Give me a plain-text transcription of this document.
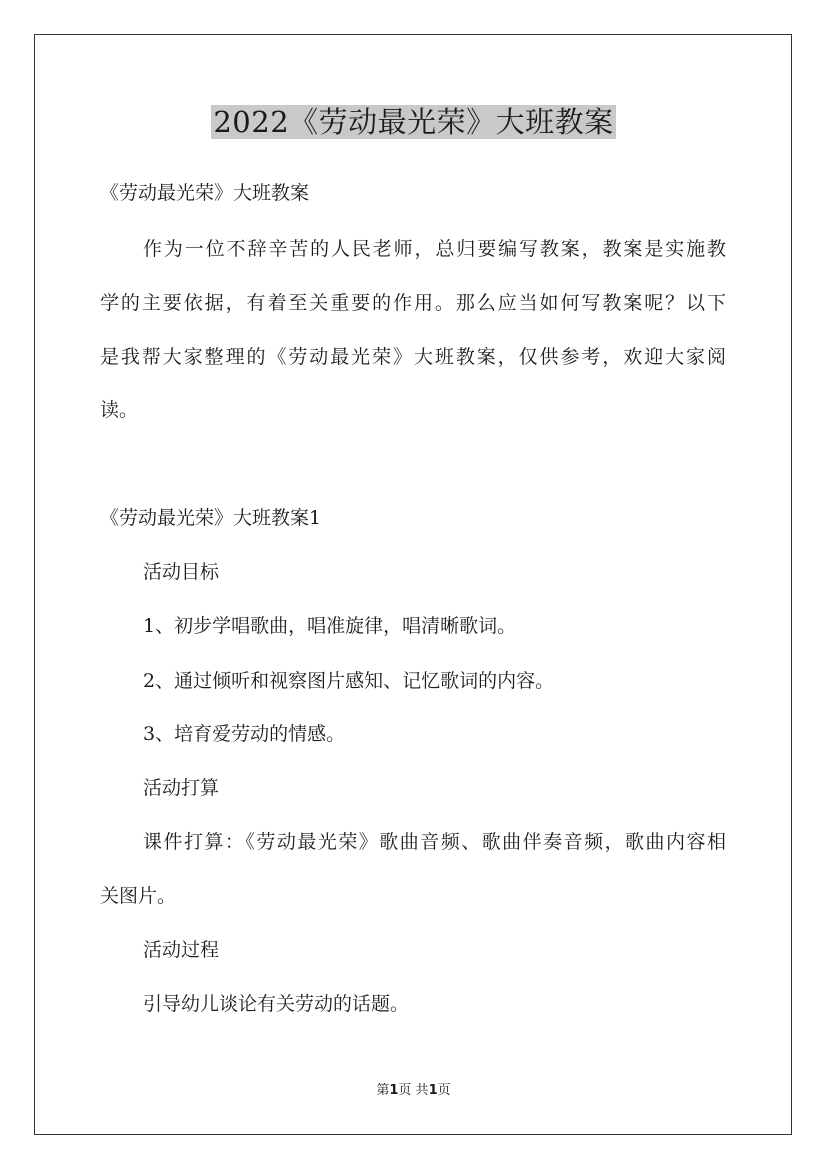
2022《劳动最光荣》大班教案
《劳动最光荣》大班教案
作为一位不辞辛苦的人民老师，总归要编写教案，教案是实施教
学的主要依据，有着至关重要的作用。那么应当如何写教案呢？以下
是我帮大家整理的《劳动最光荣》大班教案，仅供参考，欢迎大家阅
读。
《劳动最光荣》大班教案1
活动目标
1、初步学唱歌曲，唱准旋律，唱清晰歌词。
2、通过倾听和视察图片感知、记忆歌词的内容。
3、培育爱劳动的情感。
活动打算
课件打算：《劳动最光荣》歌曲音频、歌曲伴奏音频，歌曲内容相
关图片。
活动过程
引导幼儿谈论有关劳动的话题。
第1页 共1页
